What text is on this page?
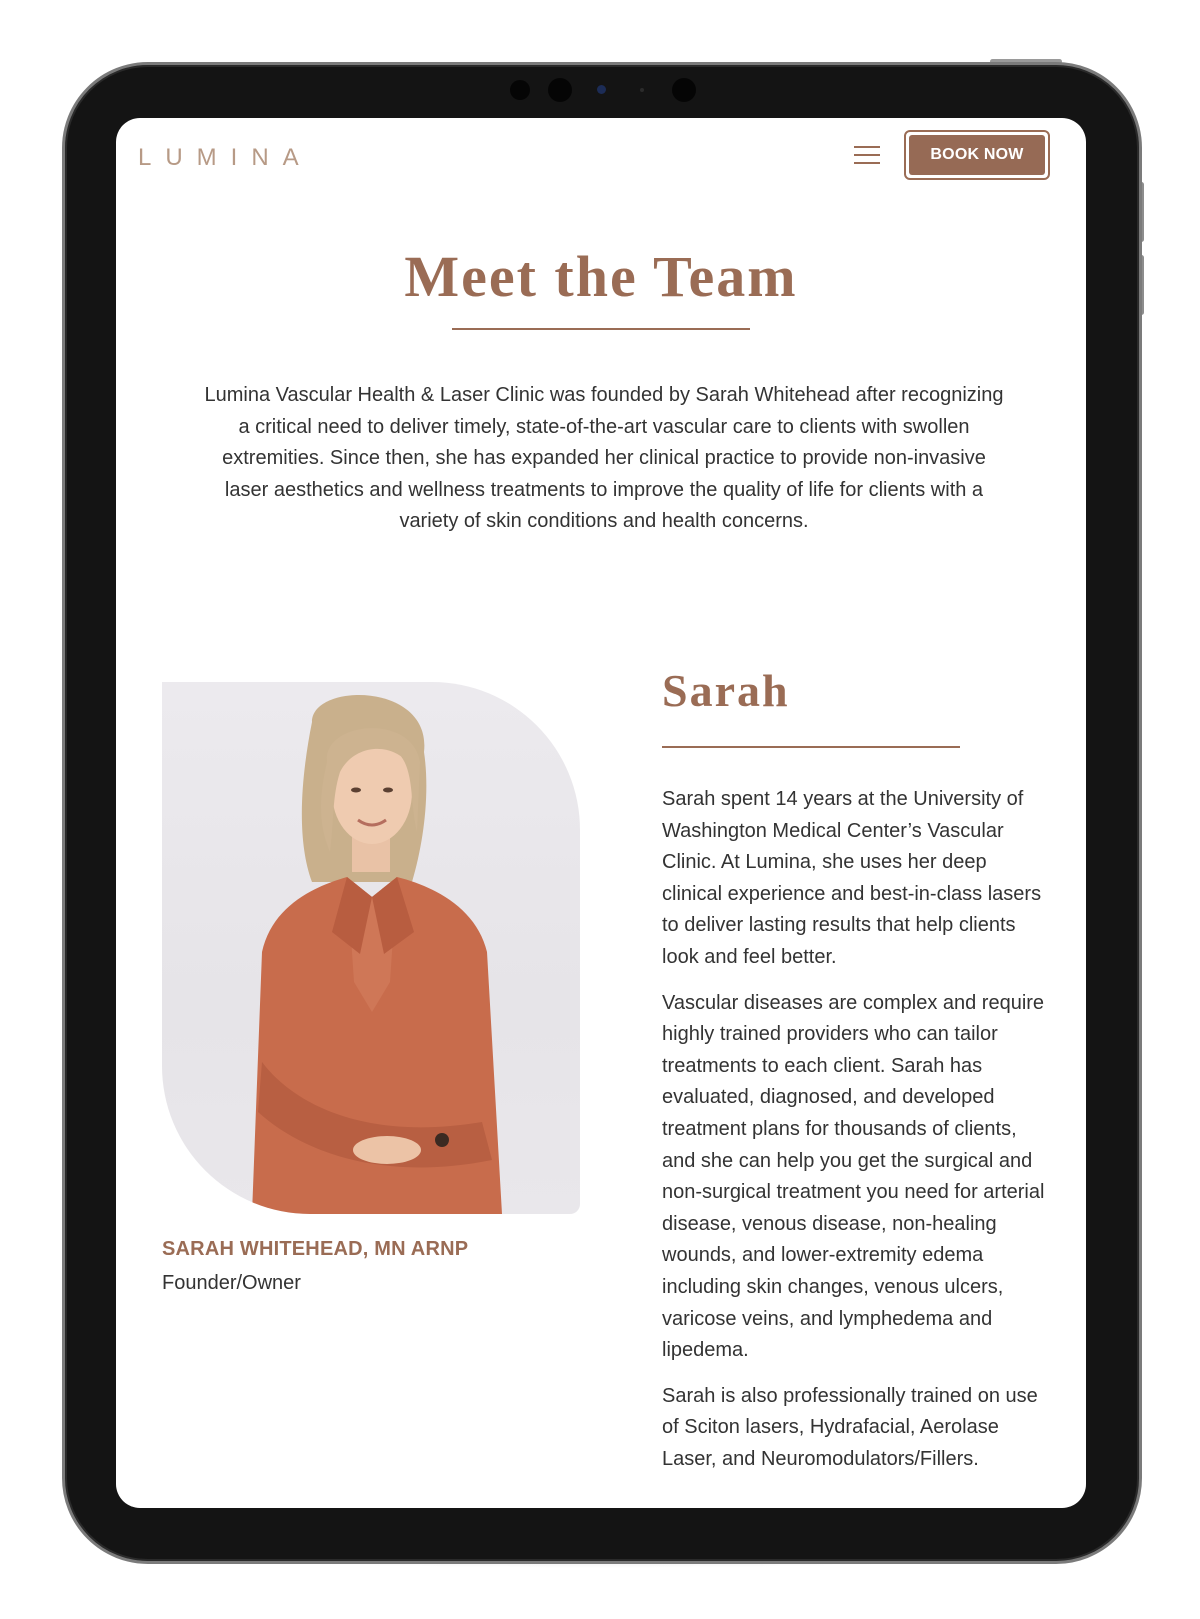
LUMINA	BOOK NOW
Meet the Team

Lumina Vascular Health & Laser Clinic was founded by Sarah Whitehead after recognizing a critical need to deliver timely, state-of-the-art vascular care to clients with swollen extremities. Since then, she has expanded her clinical practice to provide non-invasive laser aesthetics and wellness treatments to improve the quality of life for clients with a variety of skin conditions and health concerns.

SARAH WHITEHEAD, MN ARNP
Founder/Owner
Sarah

Sarah spent 14 years at the University of Washington Medical Center’s Vascular Clinic. At Lumina, she uses her deep clinical experience and best-in-class lasers to deliver lasting results that help clients look and feel better.

Vascular diseases are complex and require highly trained providers who can tailor treatments to each client. Sarah has evaluated, diagnosed, and developed treatment plans for thousands of clients, and she can help you get the surgical and non-surgical treatment you need for arterial disease, venous disease, non-healing wounds, and lower-extremity edema including skin changes, venous ulcers, varicose veins, and lymphedema and lipedema.

Sarah is also professionally trained on use of Sciton lasers, Hydrafacial, Aerolase Laser, and Neuromodulators/Fillers.
